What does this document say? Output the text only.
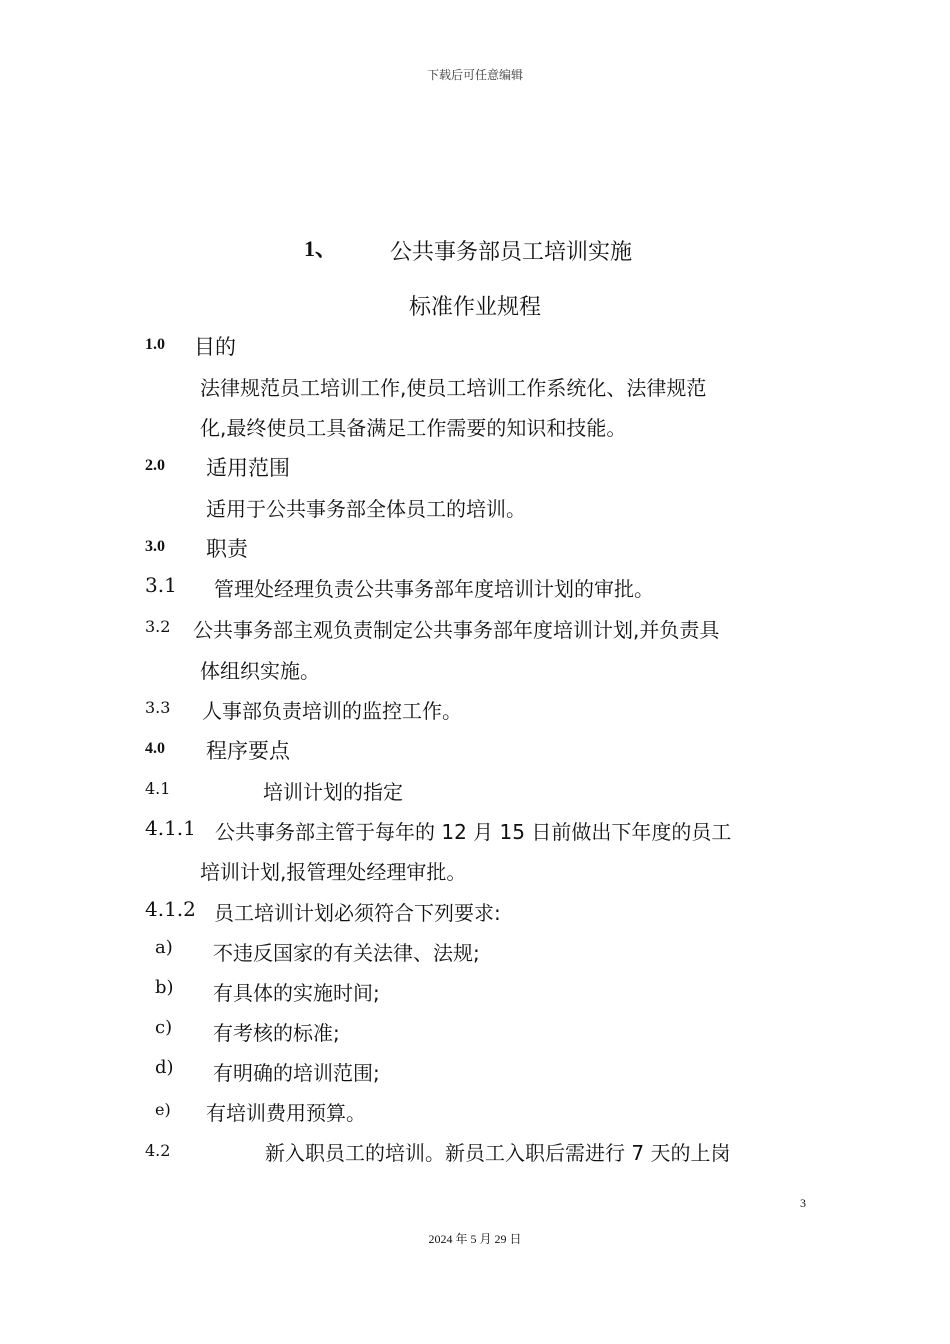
下载后可任意编辑
1、 公共事务部员工培训实施
标准作业规程
1.0 目的
法律规范员工培训工作,使员工培训工作系统化、法律规范
化,最终使员工具备满足工作需要的知识和技能。
2.0 适用范围
适用于公共事务部全体员工的培训。
3.0 职责
3.1 管理处经理负责公共事务部年度培训计划的审批。
3.2 公共事务部主观负责制定公共事务部年度培训计划,并负责具
体组织实施。
3.3 人事部负责培训的监控工作。
4.0 程序要点
4.1	培训计划的指定
4.1.1 公共事务部主管于每年的 12 月 15 日前做出下年度的员工
培训计划,报管理处经理审批。
4.1.2 员工培训计划必须符合下列要求:
a) 不违反国家的有关法律、法规;
b) 有具体的实施时间;
c) 有考核的标准;
d) 有明确的培训范围;
e) 有培训费用预算。
4.2	新入职员工的培训。新员工入职后需进行 7 天的上岗
3
2024 年 5 月 29 日
